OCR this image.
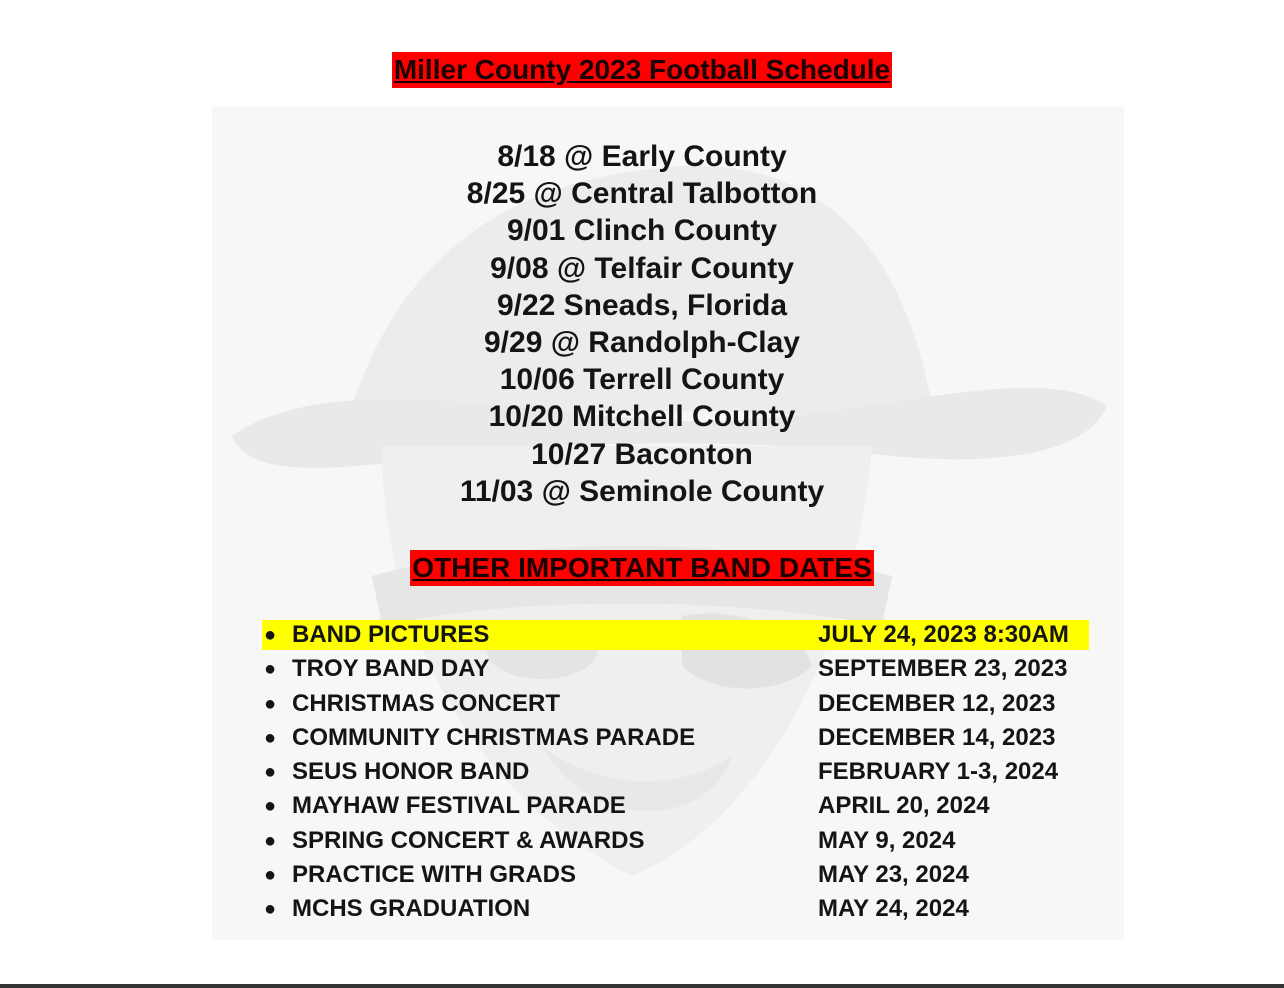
Miller County 2023 Football Schedule
8/18 @ Early County
8/25 @ Central Talbotton
9/01 Clinch County
9/08 @ Telfair County
9/22 Sneads, Florida
9/29 @ Randolph-Clay
10/06 Terrell County
10/20 Mitchell County
10/27 Baconton
11/03 @ Seminole County
OTHER IMPORTANT BAND DATES
● BAND PICTURES	JULY 24, 2023 8:30AM
● TROY BAND DAY	SEPTEMBER 23, 2023
● CHRISTMAS CONCERT	DECEMBER 12, 2023
● COMMUNITY CHRISTMAS PARADE	DECEMBER 14, 2023
● SEUS HONOR BAND	FEBRUARY 1-3, 2024
● MAYHAW FESTIVAL PARADE	APRIL 20, 2024
● SPRING CONCERT & AWARDS	MAY 9, 2024
● PRACTICE WITH GRADS	MAY 23, 2024
● MCHS GRADUATION	MAY 24, 2024
